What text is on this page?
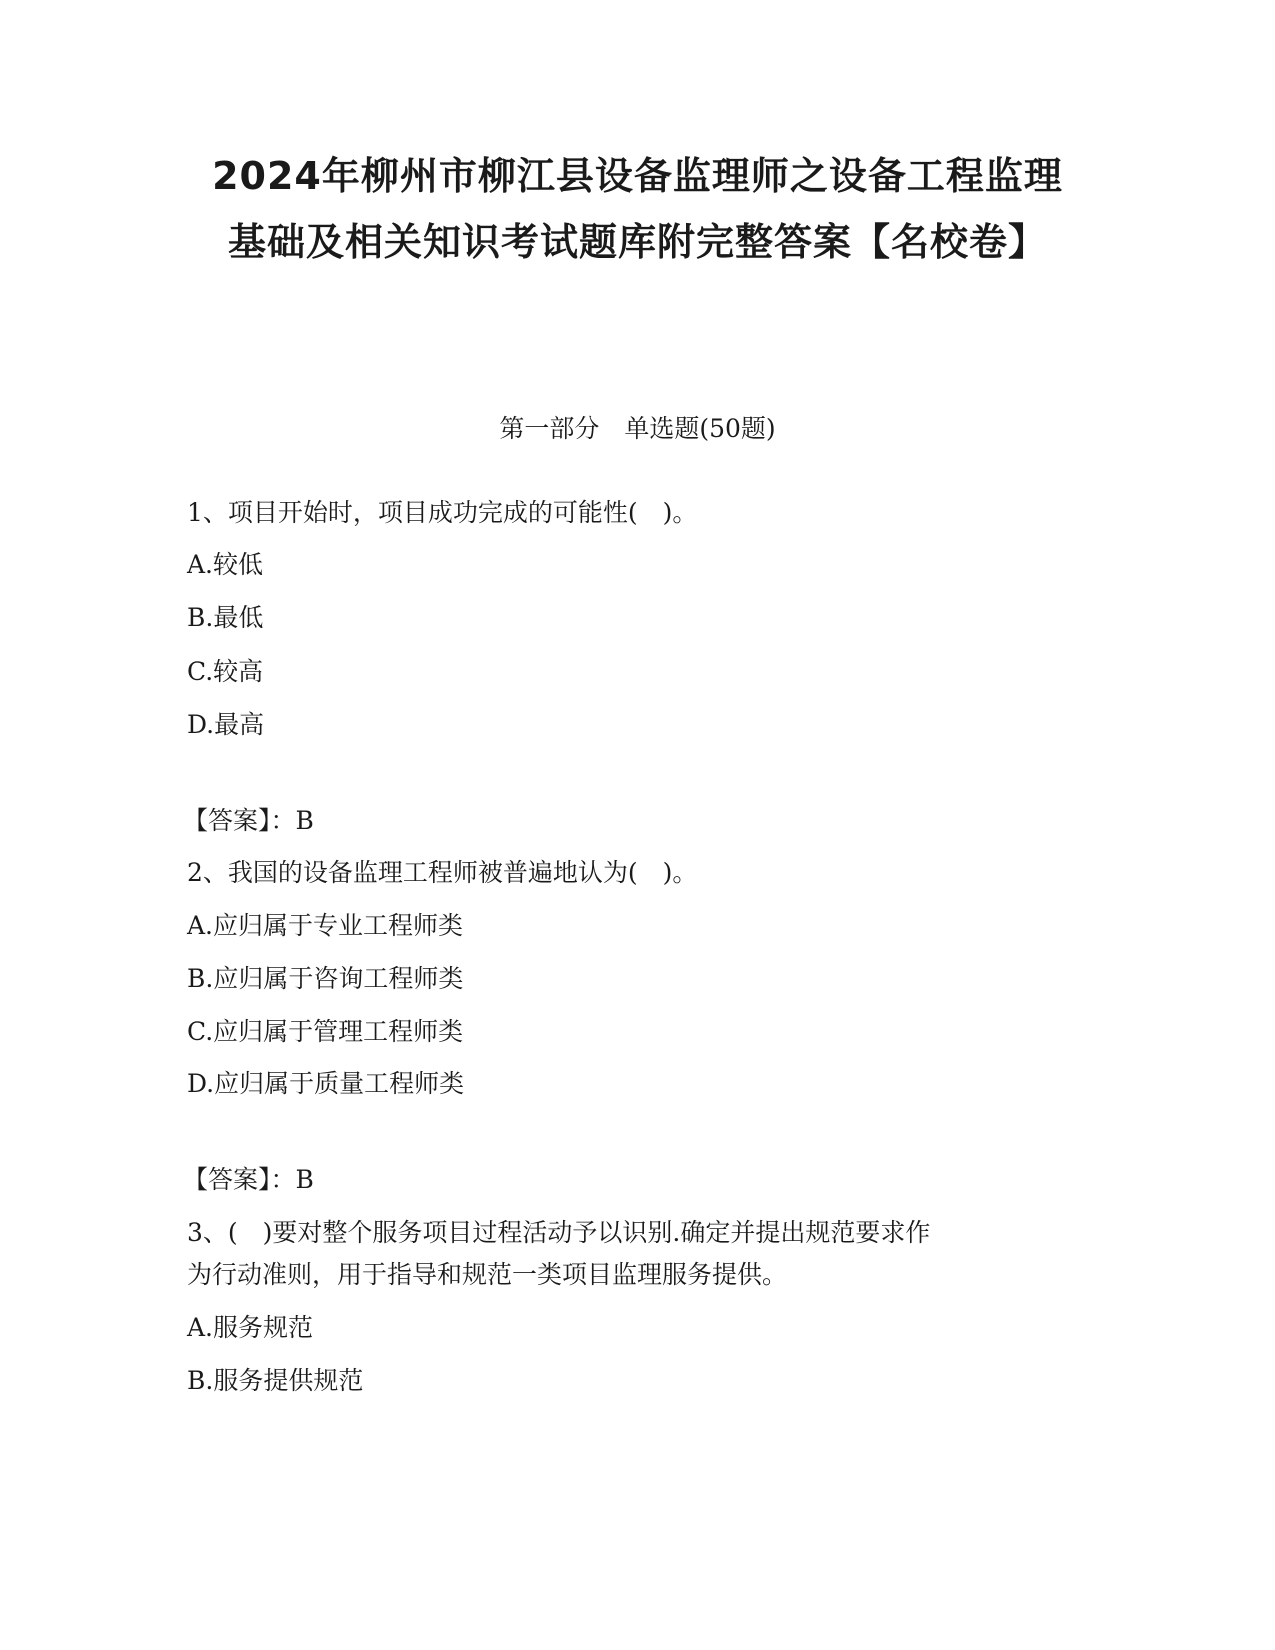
2024年柳州市柳江县设备监理师之设备工程监理
基础及相关知识考试题库附完整答案【名校卷】

第一部分　单选题(50题)

1、项目开始时，项目成功完成的可能性(　)。

A.较低

B.最低

C.较高

D.最高

【答案】：B

2、我国的设备监理工程师被普遍地认为(　)。

A.应归属于专业工程师类

B.应归属于咨询工程师类

C.应归属于管理工程师类

D.应归属于质量工程师类

【答案】：B

3、(　)要对整个服务项目过程活动予以识别.确定并提出规范要求作

为行动准则，用于指导和规范一类项目监理服务提供。

A.服务规范

B.服务提供规范
